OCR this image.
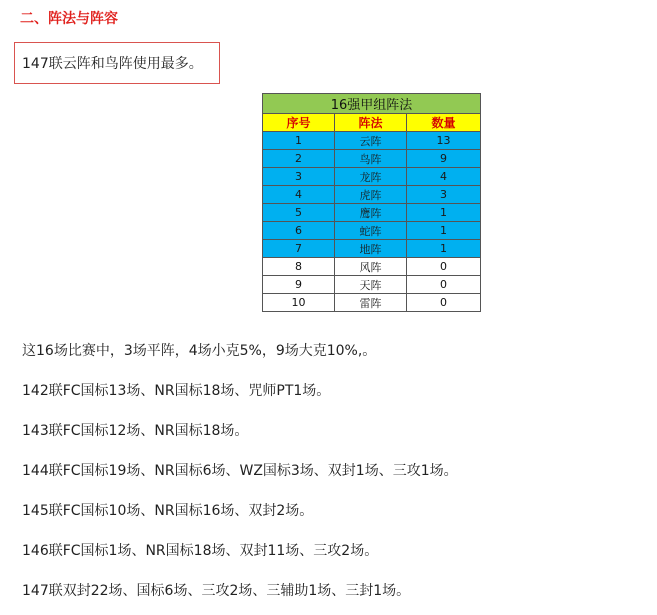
二、阵法与阵容
147联云阵和鸟阵使用最多。
16强甲组阵法		
序号	阵法	数量
1	云阵	13
2	鸟阵	9
3	龙阵	4
4	虎阵	3
5	鹰阵	1
6	蛇阵	1
7	地阵	1
8	风阵	0
9	天阵	0
10	雷阵	0
这16场比赛中，3场平阵，4场小克5%，9场大克10%,。
142联FC国标13场、NR国标18场、咒师PT1场。
143联FC国标12场、NR国标18场。
144联FC国标19场、NR国标6场、WZ国标3场、双封1场、三攻1场。
145联FC国标10场、NR国标16场、双封2场。
146联FC国标1场、NR国标18场、双封11场、三攻2场。
147联双封22场、国标6场、三攻2场、三辅助1场、三封1场。
